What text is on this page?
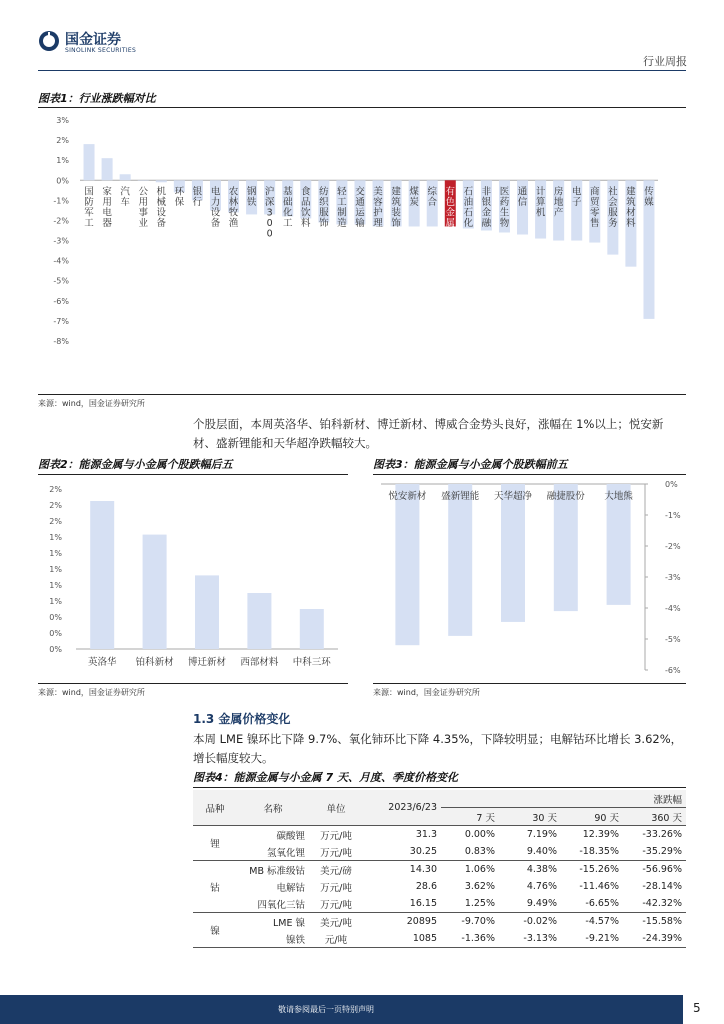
国金证券
SINOLINK SECURITIES
行业周报
图表1：行业涨跌幅对比
3%
2%
1%
0%
-1%
-2%
-3%
-4%
-5%
-6%
-7%
-8%
国防军工
家用电器
汽车
公用事业
机械设备
环保
银行
电力设备
农林牧渔
钢铁
沪深 3 0 0
基础化工
食品饮料
纺织服饰
轻工制造
交通运输
美容护理
建筑装饰
煤炭
综合
有色金属
石油石化
非银金融
医药生物
通信
计算机
房地产
电子
商贸零售
社会服务
建筑材料
传媒
来源：wind，国金证券研究所
个股层面，本周英洛华、铂科新材、博迁新材、博威合金势头良好，涨幅在 1%以上；悦安新材、盛新锂能和天华超净跌幅较大。
图表2：能源金属与小金属个股跌幅后五
2%
2%
2%
1%
1%
1%
1%
1%
0%
0%
0%
英洛华 铂科新材 博迁新材 西部材料 中科三环
来源：wind，国金证券研究所
图表3：能源金属与小金属个股跌幅前五
0%
-1%
-2%
-3%
-4%
-5%
-6%
悦安新材 盛新锂能 天华超净 融捷股份 大地熊
来源：wind，国金证券研究所
1.3 金属价格变化
本周 LME 镍环比下降 9.7%、氧化铈环比下降 4.35%，下降较明显；电解钴环比增长 3.62%，增长幅度较大。
图表4：能源金属与小金属 7 天、月度、季度价格变化
品种	名称	单位	2023/6/23	涨跌幅			
				7 天	30 天	90 天	360 天
锂	碳酸锂	万元/吨	31.3	0.00%	7.19%	12.39%	-33.26%
	氢氧化锂	万元/吨	30.25	0.83%	9.40%	-18.35%	-35.29%
钴	MB 标准级钴	美元/磅	14.30	1.06%	4.38%	-15.26%	-56.96%
	电解钴	万元/吨	28.6	3.62%	4.76%	-11.46%	-28.14%
	四氧化三钴	万元/吨	16.15	1.25%	9.49%	-6.65%	-42.32%
镍	LME 镍	美元/吨	20895	-9.70%	-0.02%	-4.57%	-15.58%
	镍铁	元/吨	1085	-1.36%	-3.13%	-9.21%	-24.39%
敬请参阅最后一页特别声明	5
